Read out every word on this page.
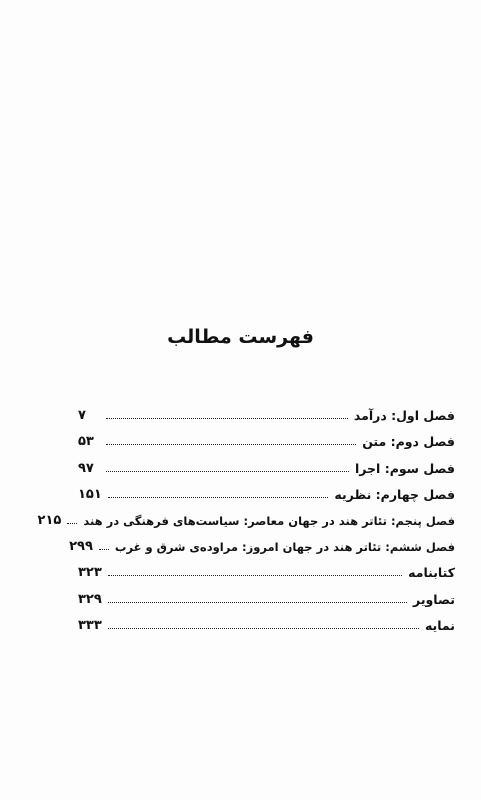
فهرست مطالب
فصل اول: درآمد
۷
فصل دوم: متن
۵۳
فصل سوم: اجرا
۹۷
فصل چهارم: نظریه
۱۵۱
فصل پنجم: تئاتر هند در جهان معاصر: سیاست‌های فرهنگی در هند
۲۱۵
فصل ششم: تئاتر هند در جهان امروز: مراوده‌ی شرق و غرب
۲۹۹
کتابنامه
۳۲۳
تصاویر
۳۲۹
نمایه
۳۳۳
